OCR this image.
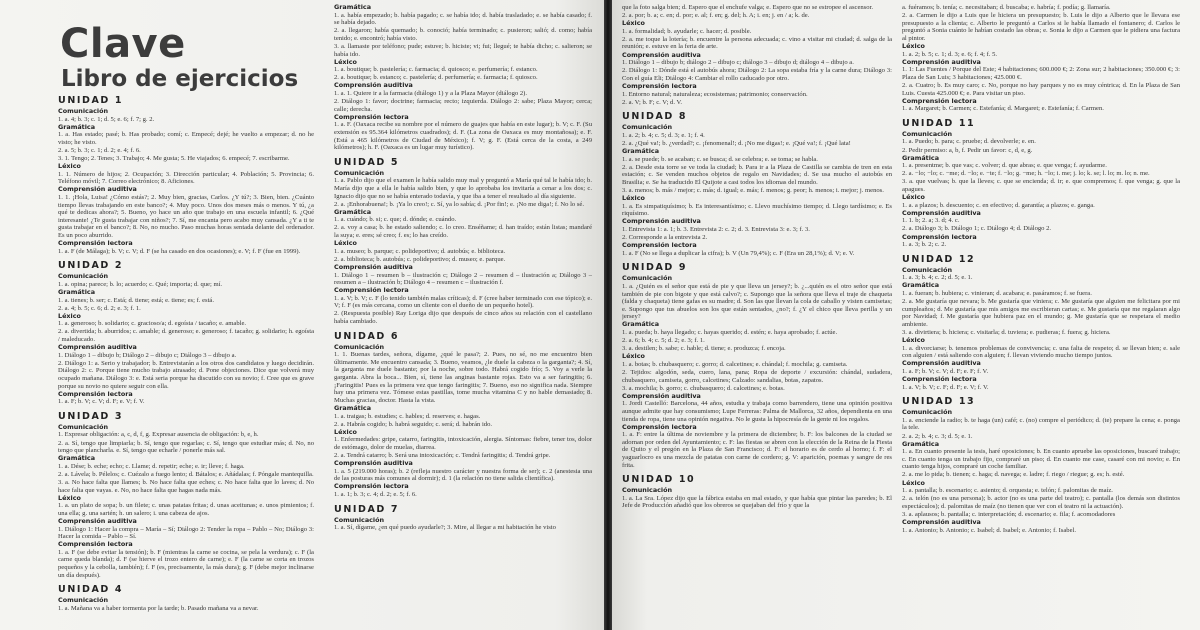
Clave
Libro de ejercicios
UNIDAD 1
Comunicación

1. a. 4; b. 3; c. 1; d. 5; e. 6; f. 7; g. 2.

Gramática

1. a. Has estado; pasé; b. Has probado; comí; c. Empecé; dejé; he vuelto a empezar; d. no he visto; he visto.

2. a. 5; b. 3; c. 1; d. 2; e. 4; f. 6.

3. 1. Tengo; 2. Tenes; 3. Trabajo; 4. Me gusta; 5. He viajados; 6. empecé; 7. escribarme.

Léxico

1. 1. Número de hijos; 2. Ocupación; 3. Dirección particular; 4. Población; 5. Provincia; 6. Teléfono móvil; 7. Correo electrónico; 8. Aficiones.

Comprensión auditiva

1. 1. ¡Hola, Luisa! ¿Cómo estás?; 2. Muy bien, gracias, Carlos. ¿Y tú?; 3. Bien, bien. ¿Cuánto tiempo llevas trabajando en este banco?; 4. Muy poco. Unos dos meses más o menos. Y tú, ¿a qué te dedicas ahora?; 5. Bueno, yo hace un año que trabajo en una escuela infantil; 6. ¿Qué interesante! ¿Te gusta trabajar con niños?; 7. Sí, me encanta pero acabo muy cansada. ¿Y a ti te gusta trabajar en el banco?; 8. No, no mucho. Paso muchas horas sentada delante del ordenador. Es un poco aburrido.

Comprensión lectora

1. a. F (de Málaga); b. V; c. V; d. F (se ha casado en dos ocasiones); e. V; f. F (fue en 1999).

UNIDAD 2
Comunicación

1. a. opina; parece; b. lo; acuerdo; c. Qué; importa; d. que; mí.

Gramática

1. a. tienes; b. ser; c. Está; d. tiene; está; e. tiene; es; f. está.

2. a. 4; b. 5; c. 6; d. 2; e. 3; f. 1.

Léxico

1. a. generoso; b. solidario; c. gracioso/a; d. egoísta / tacaño; e. amable.

2. a. divertida; b. aburridos; c. amable; d. generoso; e. generoso; f. tacaño; g. solidario; h. egoísta / maleducado.

Comprensión auditiva

1. Diálogo 1 – dibujo b; Diálogo 2 – dibujo c; Diálogo 3 – dibujo a.

2. Diálogo 1: a. Serio y trabajador; b. Entrevistarán a los otros dos candidatos y luego decidirán. Diálogo 2: c. Porque tiene mucho trabajo atrasado; d. Pone objeciones. Dice que volverá muy ocupado mañana. Diálogo 3: e. Está seria porque ha discutido con su novio; f. Cree que es grave porque su novio no quiere seguir con ella.

Comprensión lectora

1. a. F; b. V; c. V; d. F; e. V; f. V.

UNIDAD 3
Comunicación

1. Expresar obligación: a, c, d, f, g. Expresar ausencia de obligación: b, e, h.

2. a. Sí, tengo que limpiarla; b. Sí, tengo que regarlas; c. Sí, tengo que estudiar más; d. No, no tengo que plancharla. e. Sí, tengo que echarle / ponerle más sal.

Gramática

1. a. Dése; b. eche; echo; c. Llame; d. repetir; eche; e. ir; lleve; f. haga.

2. a. Lávela; b. Pélelos; c. Cuézalo a fuego lento; d. Bátalos; e. Añádalas; f. Póngale mantequilla.

3. a. No hace falta que llames; b. No hace falta que eches; c. No hace falta que lo laves; d. No hace falta que vayas. e. No, no hace falta que hagas nada más.

Léxico

1. a. un plato de sopa; b. un filete; c. unas patatas fritas; d. unas aceitunas; e. unos pimientos; f. una ella; g. una sartén; h. un salero; i. una cabeza de ajos.

Comprensión auditiva

1. Diálogo 1: Hacer la compra – María – Sí; Diálogo 2: Tender la ropa – Pablo – No; Diálogo 3: Hacer la comida – Pablo – Sí.

Comprensión lectora

1. a. F (se debe evitar la tensión); b. F (mientras la carne se cocina, se pela la verdura); c. F (la carne queda blanda); d. F (se hierve el trozo entero de carne); e. F (la carne se corta en trozos pequeños y la cebolla, también); f. F (es, precisamente, la más dura); g. F (debe mejor inclinarse un día después).

UNIDAD 4
Comunicación

1. a. Mañana va a haber tormenta por la tarde; b. Pasado mañana va a nevar.

Gramática

1. a. había empezado; b. había pagado; c. se había ido; d. había trasladado; e. se había casado; f. se había dejado.

2. a. llegaron; había quemado; b. conoció; había terminado; c. pusieron; salió; d. como; había tenido; e. encontró; había visto.

3. a. llamaste por teléfono; pude; estuve; b. hiciste; vi; fui; llegué; te había dicho; c. salieron; se había ido.

Léxico

1. a. boutique; b. pastelería; c. farmacia; d. quiosco; e. perfumería; f. estanco.

2. a. boutique; b. estanco; c. pastelería; d. perfumería; e. farmacia; f. quiosco.

Comprensión auditiva

1. a. 1. Quiere ir a la farmacia (diálogo 1) y a la Plaza Mayor (diálogo 2).

2. Diálogo 1: favor; doctrine; farmacia; recto; izquierda. Diálogo 2: sabe; Plaza Mayor; cerca; calle; derecha.

Comprensión lectora

1. a. F. (Oaxaca recibe su nombre por el número de guajes que había en este lugar); b. V; c. F. (Su extensión es 95.364 kilómetros cuadrados); d. F. (La zona de Oaxaca es muy montañosa); e. F. (Está a 465 kilómetros de Ciudad de México); f. V; g. F. (Está cerca de la costa, a 249 kilómetros); h. F. (Oaxaca es un lugar muy turístico).

UNIDAD 5
Comunicación

1. a. Pablo dijo que el examen le había salido muy mal y preguntó a María qué tal le había ido; b. María dijo que a ella le había salido bien, y que lo aprobaba los invitaría a cenar a los dos; c. Ignacio dijo que no se había enterado todavía, y que iba a tener el resultado al día siguiente.

2. a. ¡Enhorabuena!; b. ¡Ya lo creo!; c. Sí, ya lo sabía; d. ¡Por fin!; e. ¡No me diga!; f. No lo sé.

Gramática

1. a. cuándo; b. si; c. que; d. dónde; e. cuándo.

2. a. voy a casa; b. he estado saliendo; c. lo creo. Enséñame; d. han traído; están listas; mandaré la suya; e. eres; sé creo; f. es; lo has creído.

Léxico

1. a. museo; b. parque; c. polideportivo; d. autobús; e. biblioteca.

2. a. biblioteca; b. autobús; c. polideportivo; d. museo; e. parque.

Comprensión auditiva

1. Diálogo 1 – resumen b – ilustración c; Diálogo 2 – resumen d – ilustración a; Diálogo 3 – resumen a – ilustración b; Diálogo 4 – resumen c – ilustración f.

Comprensión lectora

1. a. V; b. V; c. F (lo tenido también malas críticas); d. F (cree haber terminado con ese tópico); e. V; f. F (es más cercana, como un cliente con el dueño de un pequeño hotel).

2. (Respuesta posible) Ray Loriga dijo que después de cinco años su relación con el castellano había cambiado.

UNIDAD 6
Comunicación

1. 1. Buenas tardes, señora, dígame, ¿qué le pasa?; 2. Pues, no sé, no me encuentro bien últimamente. Me encuentro cansada; 3. Bueno, veamos, ¿le duele la cabeza o la garganta?; 4. Sí, la garganta me duele bastante; por la noche, sobre todo. Habrá cogido frío; 5. Voy a verle la garganta. Abra la boca... Bien, sí, tiene las anginas bastante rojas. Esto va a ser faringitis; 6. ¡Faringitis! Pues es la primera vez que tengo faringitis; 7. Bueno, eso no significa nada. Siempre hay una primera vez. Tómese estas pastillas, tome mucha vitamina C y no hable demasiado; 8. Muchas gracias, doctor. Hasta la vista.

Gramática

1. a. traigas; b. estudies; c. hables; d. reserves; e. hagas.

2. a. Habrás cogido; b. habrá seguido; c. será; d. habrán ido.

Léxico

1. Enfermedades: gripe, catarro, faringitis, intoxicación, alergia. Síntomas: fiebre, tener tos, dolor de estómago, dolor de muelas, diarrea.

2. a. Tendrá catarro; b. Será una intoxicación; c. Tendrá faringitis; d. Tendrá gripe.

Comprensión auditiva

1. a. 5 (219.000 horas); b. 2 (refleja nuestro carácter y nuestra forma de ser); c. 2 (anestesia una de las posturas más comunes al dormir); d. 1 (la relación no tiene salida clientífica).

Comprensión lectora

1. a. 1; b. 3; c. 4; d. 2; e. 5; f. 6.

UNIDAD 7
Comunicación

1. a. Sí, dígame, ¿en qué puedo ayudarle?; 3. Mire, al llegar a mi habitación he visto

que la foto salga bien; d. Espero que el enchufe valga; e. Espero que no se estropee el ascensor.

2. a. por; b. a; c. en; d. por; e. al; f. en; g. del; h. A; i. en; j. en / a; k. de.

Léxico

1. a. formalidad; b. ayudarle; c. hacer; d. posible.

2. a. me toque la lotería; b. encuentre la persona adecuada; c. vino a visitar mi ciudad; d. salga de la reunión; e. estuve en la feria de arte.

Comprensión auditiva

1. Diálogo 1 – dibujo b; diálogo 2 – dibujo c; diálogo 3 – dibujo d; diálogo 4 – dibujo a.

2. Diálogo 1: Dónde está el autobús ahora; Diálogo 2: La sopa estaba fría y la carne dura; Diálogo 3: Con el guía Eli; Diálogo 4: Cambiar el rollo caducado por otro.

Comprensión lectora

1. Entorno natural; naturaleza; ecosistemas; patrimonio; conservación.

2. a. V; b. F; c. V; d. V.

UNIDAD 8
Comunicación

1. a. 2; b. 4; c. 5; d. 3; e. 1; f. 4.

2. a. ¿Qué va!; b. ¿verdad?; c. ¡fenomenal!; d. ¡No me digas!; e. ¡Qué va!; f. ¡Qué lata!

Gramática

1. a. se puede; b. se acaban; c. se busca; d. se celebra; e. se toma; se habla.

2. a. Desde esta torre se ve toda la ciudad; b. Para ir a la Plaza de Castilla se cambia de tren en esta estación; c. Se venden muchos objetos de regalo en Navidades; d. Se usa mucho el autobús en Brasilia; e. Se ha traducido El Quijote a casi todos los idiomas del mundo.

3. a. menos; b. más / mejor; c. más; d. igual; e. más; f. menos; g. peor; h. menos; i. mejor; j. menos.

Léxico

1. a. Es simpatiquísimo; b. Es interesantísimo; c. Llevo muchísimo tiempo; d. Llego tardísimo; e. Es riquísimo.

Comprensión auditiva

1. Entrevista 1: a. 1; b. 3. Entrevista 2: c. 2; d. 3. Entrevista 3: e. 3; f. 3.

2. Corresponde a la entrevista 2.

Comprensión lectora

1. a. F (No se llega a duplicar la cifra); b. V (Un 79,4%); c. F (Era un 28,1%); d. V; e. V.

UNIDAD 9
Comunicación

1. a. ¿Quién es el señor que está de pie y que lleva un jersey?; b. ¿...quién es el otro señor que está también de pie con bigote y que está calvo?; c. Supongo que la señora que lleva el traje de chaqueta (falda y chaqueta) tiene gafas es su madre; d. Son las que llevan la cola de caballo y visten camisetas; e. Supongo que tus abuelos son los que están sentados, ¿no?; f. ¿Y el chico que lleva perilla y un jersey?

Gramática

1. a. pueda; b. haya llegado; c. hayas querido; d. estén; e. haya aprobado; f. actúe.

2. a. 6; b. 4; c. 5; d. 2; e. 3; f. 1.

3. a. destilen; b. sabe; c. hable; d. tiene; e. produzca; f. encoja.

Léxico

1. a. botas; b. chubasquero; c. gorro; d. calcetines; e. chándal; f. mochila; g. camiseta.

2. Tejidos: algodón, seda, cuero, lana, pana; Ropa de deporte / excursión: chándal, sudadera, chubasquero, camiseta, gorro, calcetines; Calzado: sandalias, botas, zapatos.

3. a. mochila; b. gorro; c. chubasquero; d. calcetines; e. botas.

Comprensión auditiva

1. Jordi Castelló: Barcelona, 44 años, estudia y trabaja como barrendero, tiene una opinión positiva aunque admite que hay consumismo; Lupe Ferreras: Palma de Mallorca, 32 años, dependienta en una tienda de ropa, tiene una opinión negativa. No le gusta la hipocresía de la gente ni los regalos.

Comprensión lectora

1. a. F: entre la última de noviembre y la primera de diciembre; b. F: los balcones de la ciudad se adornan por orden del Ayuntamiento; c. F: las fiestas se abren con la elección de la Reina de la Fiesta de Quito y el pregón en la Plaza de San Francisco; d. F: el horario es de cerdo al horno; f. F: el yaguarlocro es una mezcla de patatas con carne de cordero; g. V: aparición, poemas y sangre de res frita.

UNIDAD 10
Comunicación

1. a. La Sra. López dijo que la fábrica estaba en mal estado, y que había que pintar las paredes; b. El Jefe de Producción añadió que los obreros se quejaban del frío y que la

a. fuéramos; b. tenía; c. necesitaban; d. buscaba; e. habría; f. podía; g. llamaría.

2. a. Carmen le dijo a Luis que le hiciera un presupuesto; b. Luis le dijo a Alberto que le llevara ese presupuesto a la clienta; c. Alberto le preguntó a Carlos si le había llamado el fontanero; d. Carlos le preguntó a Sonia cuánto le habían costado las obras; e. Sonia le dijo a Carmen que le pidiera una factura al pintor.

Léxico

1. a. 2; b. 5; c. 1; d. 3; e. 6; f. 4; f. 5.

Comprensión auditiva

1. 1: Las Fuentes / Porque del Este; 4 habitaciones; 600.000 €; 2: Zona sur; 2 habitaciones; 350.000 €; 3: Plaza de San Luis; 3 habitaciones; 425.000 €.

2. a. Cuatro; b. Es muy caro; c. No, porque no hay parques y no es muy céntrica; d. En la Plaza de San Luis. Cuesta 425.000 €; e. Para visitar un piso.

Comprensión lectora

1. a. Margaret; b. Carmen; c. Estefanía; d. Margaret; e. Estefanía; f. Carmen.

UNIDAD 11
Comunicación

1. a. Puedo; b. para; c. pruebe; d. devolverle; e. en.

2. Pedir permiso: a, b, f. Pedir un favor: c, d, e, g.

Gramática

1. a. presentme; b. que vas; c. volver; d. que abras; e. que venga; f. ayudarme.

2. a. −lo; −lo; c. −me; d. −lo; e. −te; f. −lo; g. −me; h. −lo; i. me; j. lo; k. se; l. lo; m. lo; n. me.

3. a. que vuelvas; b. que la lleves; c. que se encienda; d. ir; e. que compremos; f. que venga; g. que la apagues.

Léxico

1. a. a plazos; b. descuento; c. en efectivo; d. garantía; a plazos; e. ganga.

Comprensión auditiva

1. 1. b; 2. a; 3. d; 4. c.

2. a. Diálogo 3; b. Diálogo 1; c. Diálogo 4; d. Diálogo 2.

Comprensión lectora

1. a. 3; b. 2; c. 2.

UNIDAD 12
Comunicación

1. a. 3; b. 4; c. 2; d. 5; e. 1.

Gramática

1. a. fueran; b. hubiera; c. vinieran; d. acabara; e. pasáramos; f. se fuera.

2. a. Me gustaría que nevara; b. Me gustaría que viniera; c. Me gustaría que alguien me felicitara por mi cumpleaños; d. Me gustaría que mis amigos me escribieran cartas; e. Me gustaría que me regalaran algo por Navidad; f. Me gustaría que hubiera paz en el mundo; g. Me gustaría que se respetara el medio ambiente.

3. a. divirtiera; b. hiciera; c. visitarla; d. tuviera; e. pudieras; f. fuera; g. hiciera.

Léxico

1. a. divorciarse; b. tenemos problemas de convivencia; c. una falta de respeto; d. se llevan bien; e. sale con alguien / está saliendo con alguien; f. llevan viviendo mucho tiempo juntos.

Comprensión auditiva

1. a. F; b. V; c. V; d. F; e. F; f. V.

Comprensión lectora

1. a. V; b. V; c. F; d. F; e. V; f. V.

UNIDAD 13
Comunicación

1. a. enciende la radio; b. te haga (un) café; c. (no) compre el periódico; d. (te) prepare la cena; e. ponga la tele.

2. a. 2; b. 4; c. 3; d. 5; e. 1.

Gramática

1. a. En cuanto presente la tesis, haré oposiciones; b. En cuanto apruebe las oposiciones, buscaré trabajo; c. En cuanto tenga un trabajo fijo, compraré un piso; d. En cuanto me case, casaré con mi novio; e. En cuanto tenga hijos, compraré un coche familiar.

2. a. me lo pida; b. tienen; c. haga; d. navega; e. ladre; f. riego / riegue; g. es; h. esté.

Léxico

1. a. pantalla; b. escenario; c. asiento; d. orquesta; e. telón; f. palomitas de maíz.

2. a. telón (no es una persona); b. actor (no es una parte del teatro); c. pantalla (los demás son distintos espectáculos); d. palomitas de maíz (no tienen que ver con el teatro ni la actuación).

3. a. aplausos; b. pantalla; c. interpretación; d. escenario; e. fila; f. acomodadores

Comprensión auditiva

1. a. Antonio; b. Antonio; c. Isabel; d. Isabel; e. Antonio; f. Isabel.
